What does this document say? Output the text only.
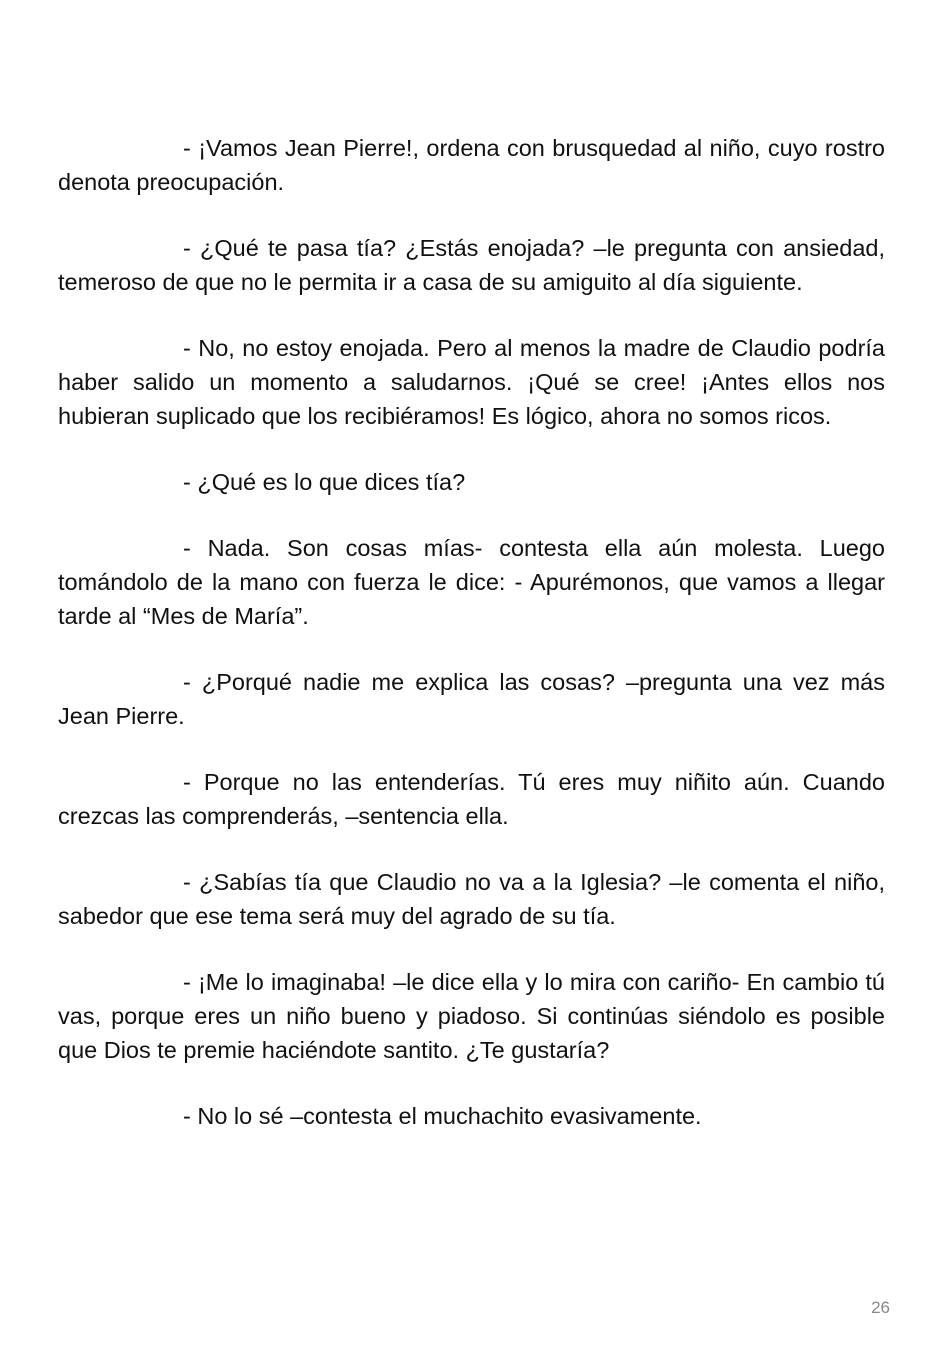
- ¡Vamos Jean Pierre!, ordena con brusquedad al niño, cuyo rostro denota preocupación.

- ¿Qué te pasa tía? ¿Estás enojada? –le pregunta con ansiedad, temeroso de que no le permita ir a casa de su amiguito al día siguiente.

- No, no estoy enojada. Pero al menos la madre de Claudio podría haber salido un momento a saludarnos. ¡Qué se cree! ¡Antes ellos nos hubieran suplicado que los recibiéramos! Es lógico, ahora no somos ricos.

- ¿Qué es lo que dices tía?

- Nada. Son cosas mías- contesta ella aún molesta. Luego tomándolo de la mano con fuerza le dice: - Apurémonos, que vamos a llegar tarde al “Mes de María”.

- ¿Porqué nadie me explica las cosas? –pregunta una vez más Jean Pierre.

- Porque no las entenderías. Tú eres muy niñito aún. Cuando crezcas las comprenderás, –sentencia ella.

- ¿Sabías tía que Claudio no va a la Iglesia? –le comenta el niño, sabedor que ese tema será muy del agrado de su tía.

- ¡Me lo imaginaba! –le dice ella y lo mira con cariño- En cambio tú vas, porque eres un niño bueno y piadoso. Si continúas siéndolo es posible que Dios te premie haciéndote santito. ¿Te gustaría?

- No lo sé –contesta el muchachito evasivamente.

26
